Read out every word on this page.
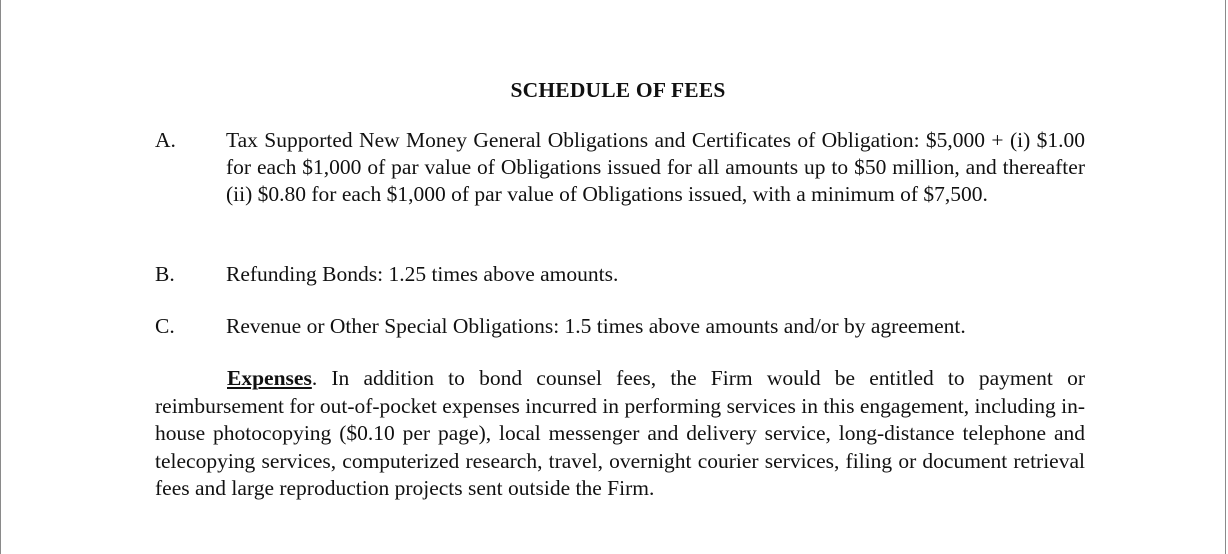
SCHEDULE OF FEES
A. Tax Supported New Money General Obligations and Certificates of Obligation: $5,000 + (i) $1.00 for each $1,000 of par value of Obligations issued for all amounts up to $50 million, and thereafter (ii) $0.80 for each $1,000 of par value of Obligations issued, with a minimum of $7,500.
B. Refunding Bonds: 1.25 times above amounts.
C. Revenue or Other Special Obligations: 1.5 times above amounts and/or by agreement.
Expenses. In addition to bond counsel fees, the Firm would be entitled to payment or reimbursement for out-of-pocket expenses incurred in performing services in this engagement, including in-house photocopying ($0.10 per page), local messenger and delivery service, long-distance telephone and telecopying services, computerized research, travel, overnight courier services, filing or document retrieval fees and large reproduction projects sent outside the Firm.
